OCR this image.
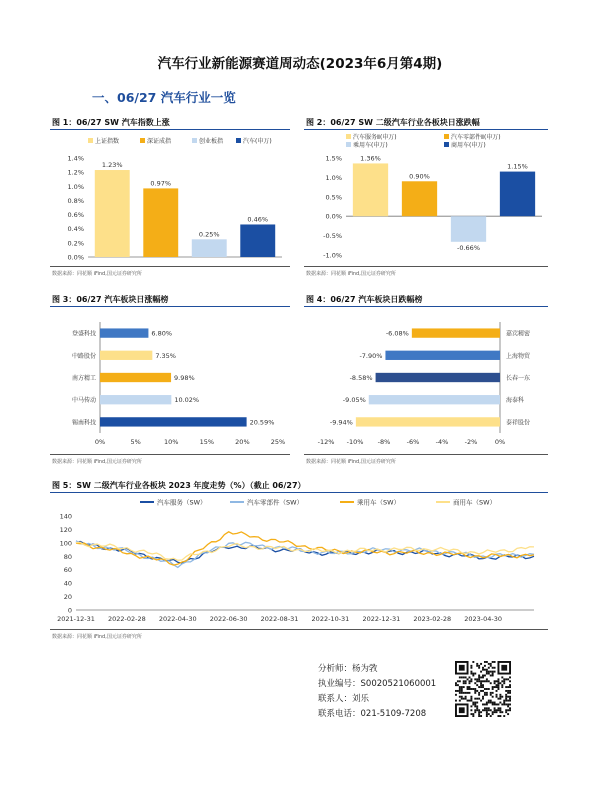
汽车行业新能源赛道周动态(2023年6月第4期)
一、06/27 汽车行业一览
图 1：06/27 SW 汽车指数上涨
0.0%
0.2%
0.4%
0.6%
0.8%
1.0%
1.2%
1.4%
上证指数	深证成指	创业板指	汽车(申万)
1.23%
0.97%
0.25%
0.46%
数据来源：同花顺 iFind,国元证券研究所
图 2：06/27 SW 二级汽车行业各板块日涨跌幅
-1.0%
-0.5%
0.0%
0.5%
1.0%
1.5%
汽车服务Ⅱ(申万)	汽车零部件Ⅱ(申万)
乘用车(申万)	商用车(申万)
1.36%
0.90%
-0.66%
1.15%
数据来源：同花顺 iFind,国元证券研究所
图 3：06/27 汽车板块日涨幅榜
6.80%
登盛科技
7.35%
中路股份
9.98%
南方精工
10.02%
中马传动
20.59%
锡南科技
0%	5%	10%	15%	20%	25%
数据来源：同花顺 iFind,国元证券研究所
图 4：06/27 汽车板块日跌幅榜
-6.08%	嘉宾精密
-7.90%	上海物贸
-8.58%	长春一东
-9.05%	海泰科
-9.94%	泰祥股份
-12% -10% -8%	-6%	-4%	-2%	0%
数据来源：同花顺 iFind,国元证券研究所
图 5：SW 二级汽车行业各板块 2023 年度走势（%）（截止 06/27）
0
20
40
60
80
100
120
140
2021-12-31 2022-02-28 2022-04-30 2022-06-30 2022-08-31 2022-10-31 2022-12-31 2023-02-28 2023-04-30
汽车服务（SW）	汽车零部件（SW）	乘用车（SW）	商用车（SW）
数据来源：同花顺 iFind,国元证券研究所
分析师：杨为敩
执业编号：S0020521060001
联系人：刘乐
联系电话：021-5109-7208
